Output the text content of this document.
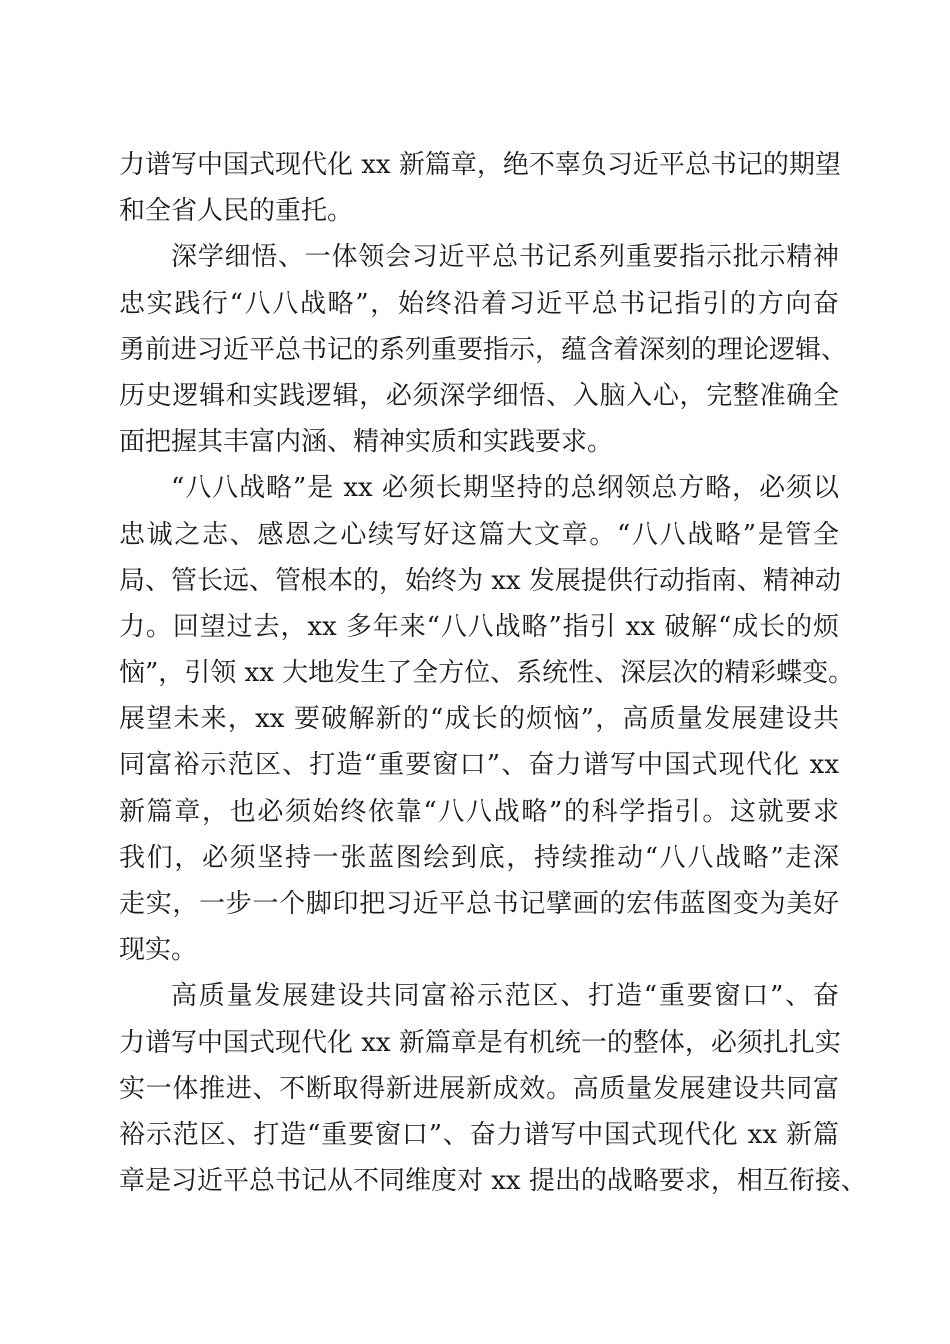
力谱写中国式现代化 xx 新篇章，绝不辜负习近平总书记的期望
和全省人民的重托。
深学细悟、一体领会习近平总书记系列重要指示批示精神
忠实践行“八八战略”，始终沿着习近平总书记指引的方向奋
勇前进习近平总书记的系列重要指示，蕴含着深刻的理论逻辑、
历史逻辑和实践逻辑，必须深学细悟、入脑入心，完整准确全
面把握其丰富内涵、精神实质和实践要求。
“八八战略”是 xx 必须长期坚持的总纲领总方略，必须以
忠诚之志、感恩之心续写好这篇大文章。“八八战略”是管全
局、管长远、管根本的，始终为 xx 发展提供行动指南、精神动
力。回望过去，xx 多年来“八八战略”指引 xx 破解“成长的烦
恼”，引领 xx 大地发生了全方位、系统性、深层次的精彩蝶变。
展望未来，xx 要破解新的“成长的烦恼”，高质量发展建设共
同富裕示范区、打造“重要窗口”、奋力谱写中国式现代化 xx
新篇章，也必须始终依靠“八八战略”的科学指引。这就要求
我们，必须坚持一张蓝图绘到底，持续推动“八八战略”走深
走实，一步一个脚印把习近平总书记擘画的宏伟蓝图变为美好
现实。
高质量发展建设共同富裕示范区、打造“重要窗口”、奋
力谱写中国式现代化 xx 新篇章是有机统一的整体，必须扎扎实
实一体推进、不断取得新进展新成效。高质量发展建设共同富
裕示范区、打造“重要窗口”、奋力谱写中国式现代化 xx 新篇
章是习近平总书记从不同维度对 xx 提出的战略要求，相互衔接、
